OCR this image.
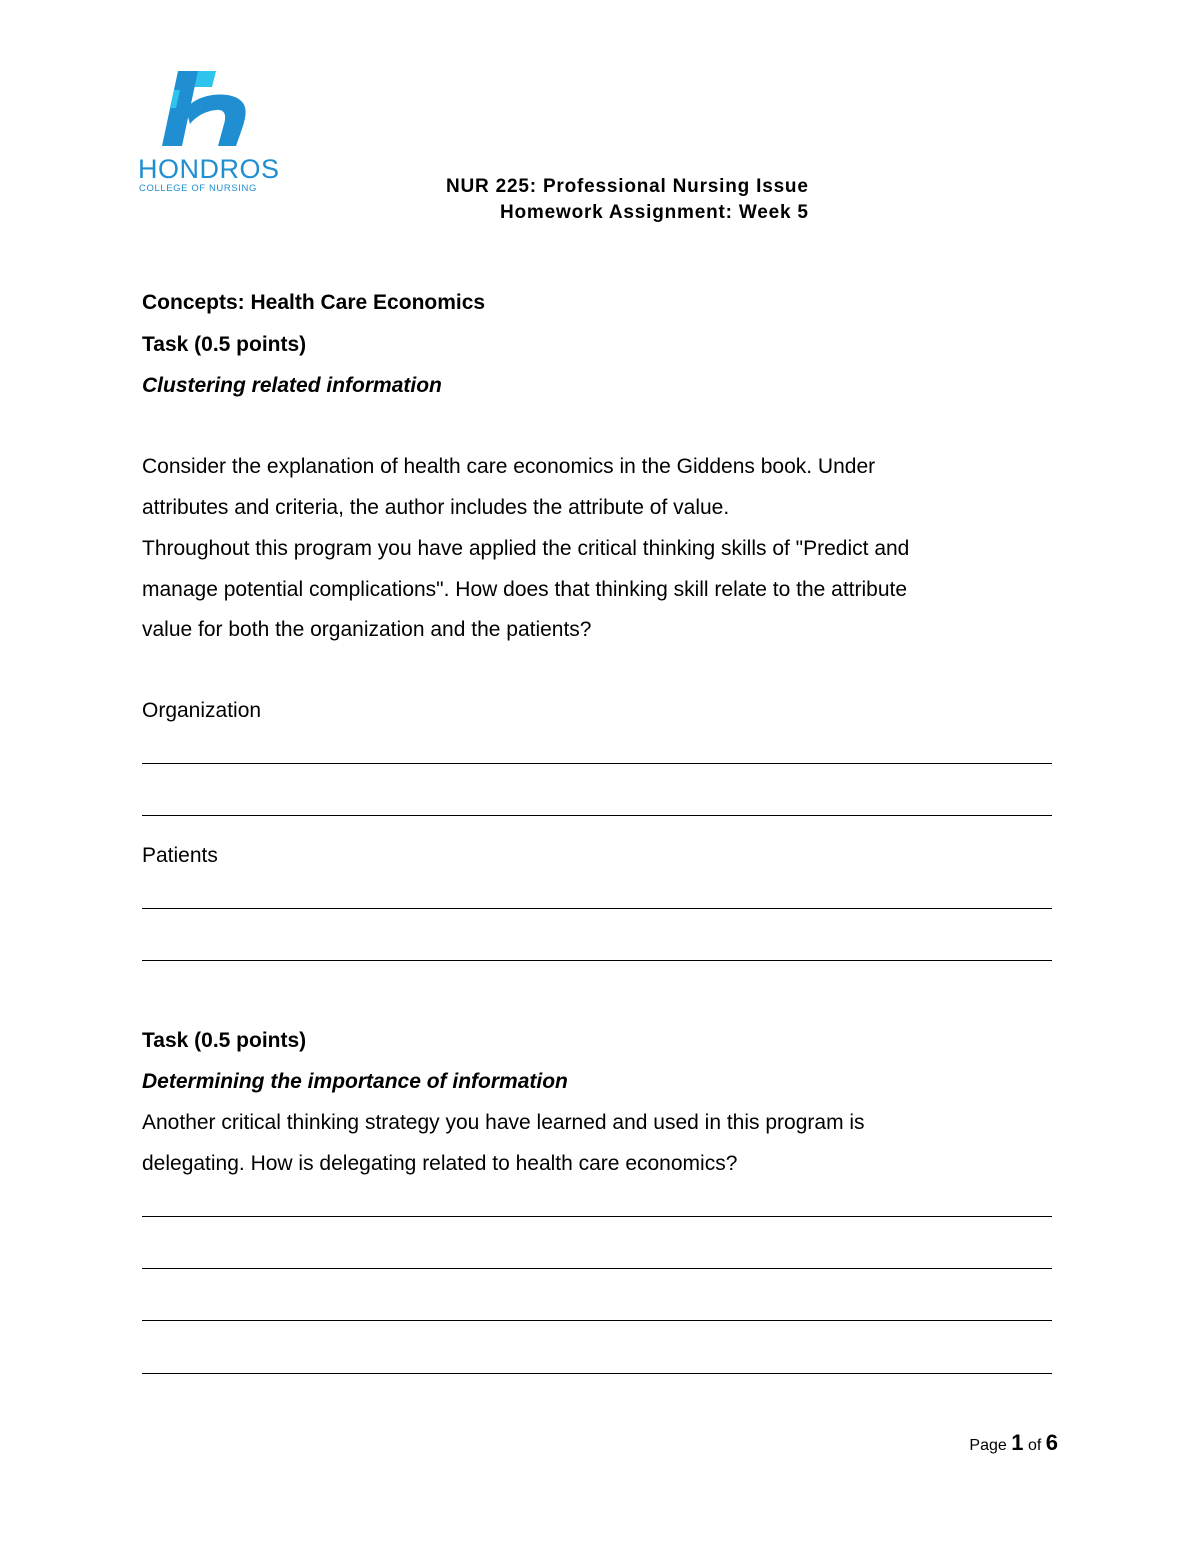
HONDROS
COLLEGE OF NURSING	NUR 225: Professional Nursing Issue
Homework Assignment: Week 5
Concepts: Health Care Economics
Task (0.5 points)
Clustering related information
Consider the explanation of health care economics in the Giddens book. Under
attributes and criteria, the author includes the attribute of value.
Throughout this program you have applied the critical thinking skills of "Predict and
manage potential complications". How does that thinking skill relate to the attribute
value for both the organization and the patients?
Organization
Patients
Task (0.5 points)
Determining the importance of information
Another critical thinking strategy you have learned and used in this program is
delegating. How is delegating related to health care economics?
Page 1 of 6
